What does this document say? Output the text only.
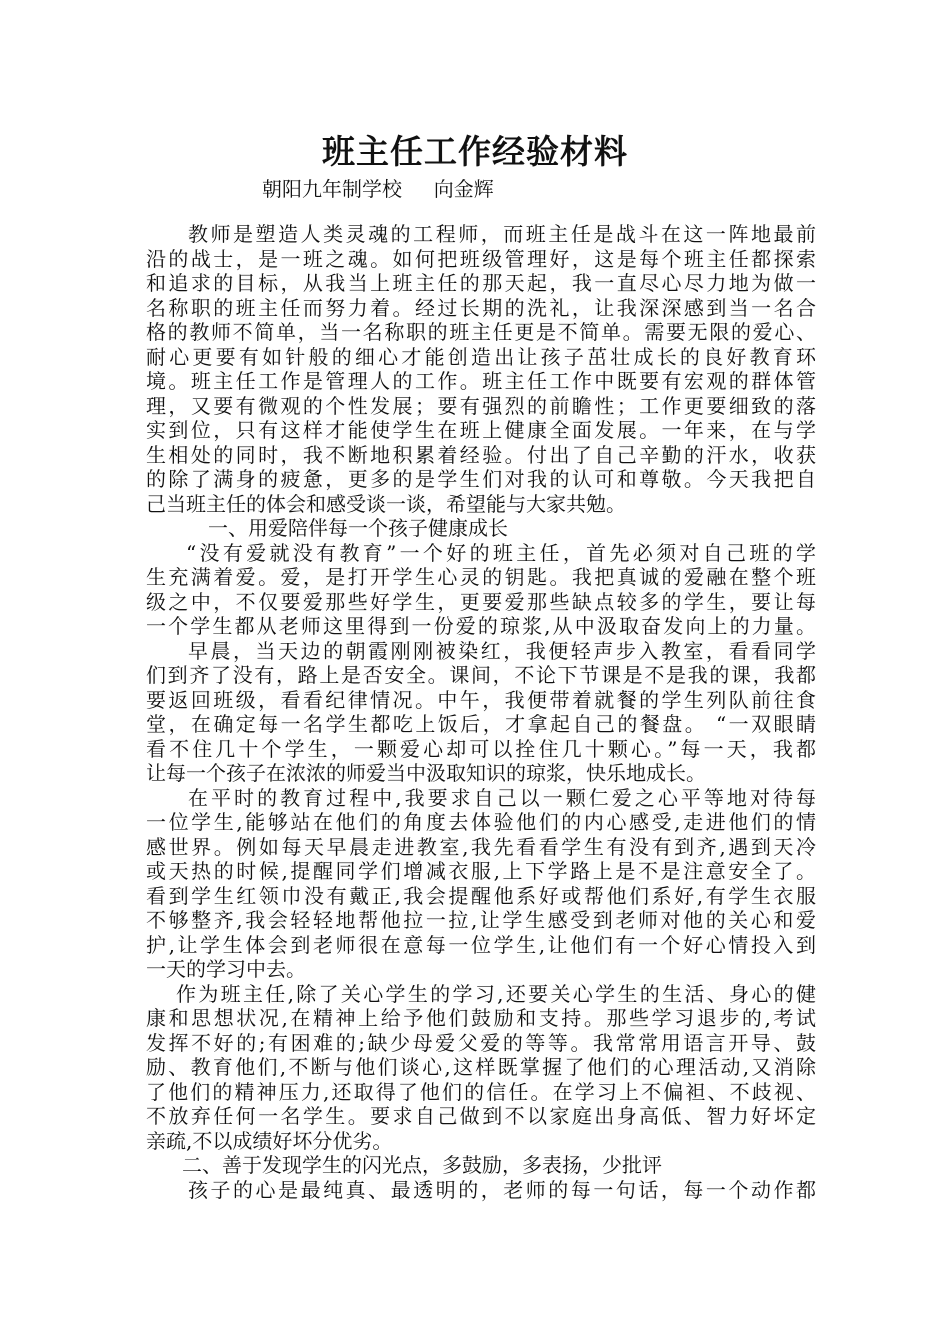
班主任工作经验材料
朝阳九年制学校     向金辉
教师是塑造人类灵魂的工程师，而班主任是战斗在这一阵地最前
沿的战士，是一班之魂。如何把班级管理好，这是每个班主任都探索
和追求的目标，从我当上班主任的那天起，我一直尽心尽力地为做一
名称职的班主任而努力着。经过长期的洗礼，让我深深感到当一名合
格的教师不简单，当一名称职的班主任更是不简单。需要无限的爱心、
耐心更要有如针般的细心才能创造出让孩子茁壮成长的良好教育环
境。班主任工作是管理人的工作。班主任工作中既要有宏观的群体管
理，又要有微观的个性发展；要有强烈的前瞻性；工作更要细致的落
实到位，只有这样才能使学生在班上健康全面发展。一年来，在与学
生相处的同时，我不断地积累着经验。付出了自己辛勤的汗水，收获
的除了满身的疲惫，更多的是学生们对我的认可和尊敬。今天我把自
己当班主任的体会和感受谈一谈，希望能与大家共勉。
一、用爱陪伴每一个孩子健康成长
“没有爱就没有教育”一个好的班主任，首先必须对自己班的学
生充满着爱。爱，是打开学生心灵的钥匙。我把真诚的爱融在整个班
级之中，不仅要爱那些好学生，更要爱那些缺点较多的学生，要让每
一个学生都从老师这里得到一份爱的琼浆,从中汲取奋发向上的力量。
早晨，当天边的朝霞刚刚被染红，我便轻声步入教室，看看同学
们到齐了没有，路上是否安全。课间，不论下节课是不是我的课，我都
要返回班级，看看纪律情况。中午，我便带着就餐的学生列队前往食
堂，在确定每一名学生都吃上饭后，才拿起自己的餐盘。 “一双眼睛
看不住几十个学生，一颗爱心却可以拴住几十颗心。”每一天，我都
让每一个孩子在浓浓的师爱当中汲取知识的琼浆，快乐地成长。
在平时的教育过程中,我要求自己以一颗仁爱之心平等地对待每
一位学生,能够站在他们的角度去体验他们的内心感受,走进他们的情
感世界。例如每天早晨走进教室,我先看看学生有没有到齐,遇到天冷
或天热的时候,提醒同学们增减衣服,上下学路上是不是注意安全了。
看到学生红领巾没有戴正,我会提醒他系好或帮他们系好,有学生衣服
不够整齐,我会轻轻地帮他拉一拉,让学生感受到老师对他的关心和爱
护,让学生体会到老师很在意每一位学生,让他们有一个好心情投入到
一天的学习中去。
作为班主任,除了关心学生的学习,还要关心学生的生活、身心的健
康和思想状况,在精神上给予他们鼓励和支持。那些学习退步的,考试
发挥不好的;有困难的;缺少母爱父爱的等等。我常常用语言开导、鼓
励、教育他们,不断与他们谈心,这样既掌握了他们的心理活动,又消除
了他们的精神压力,还取得了他们的信任。在学习上不偏袒、不歧视、
不放弃任何一名学生。要求自己做到不以家庭出身高低、智力好坏定
亲疏,不以成绩好坏分优劣。
二、善于发现学生的闪光点，多鼓励，多表扬，少批评
孩子的心是最纯真、最透明的，老师的每一句话，每一个动作都
